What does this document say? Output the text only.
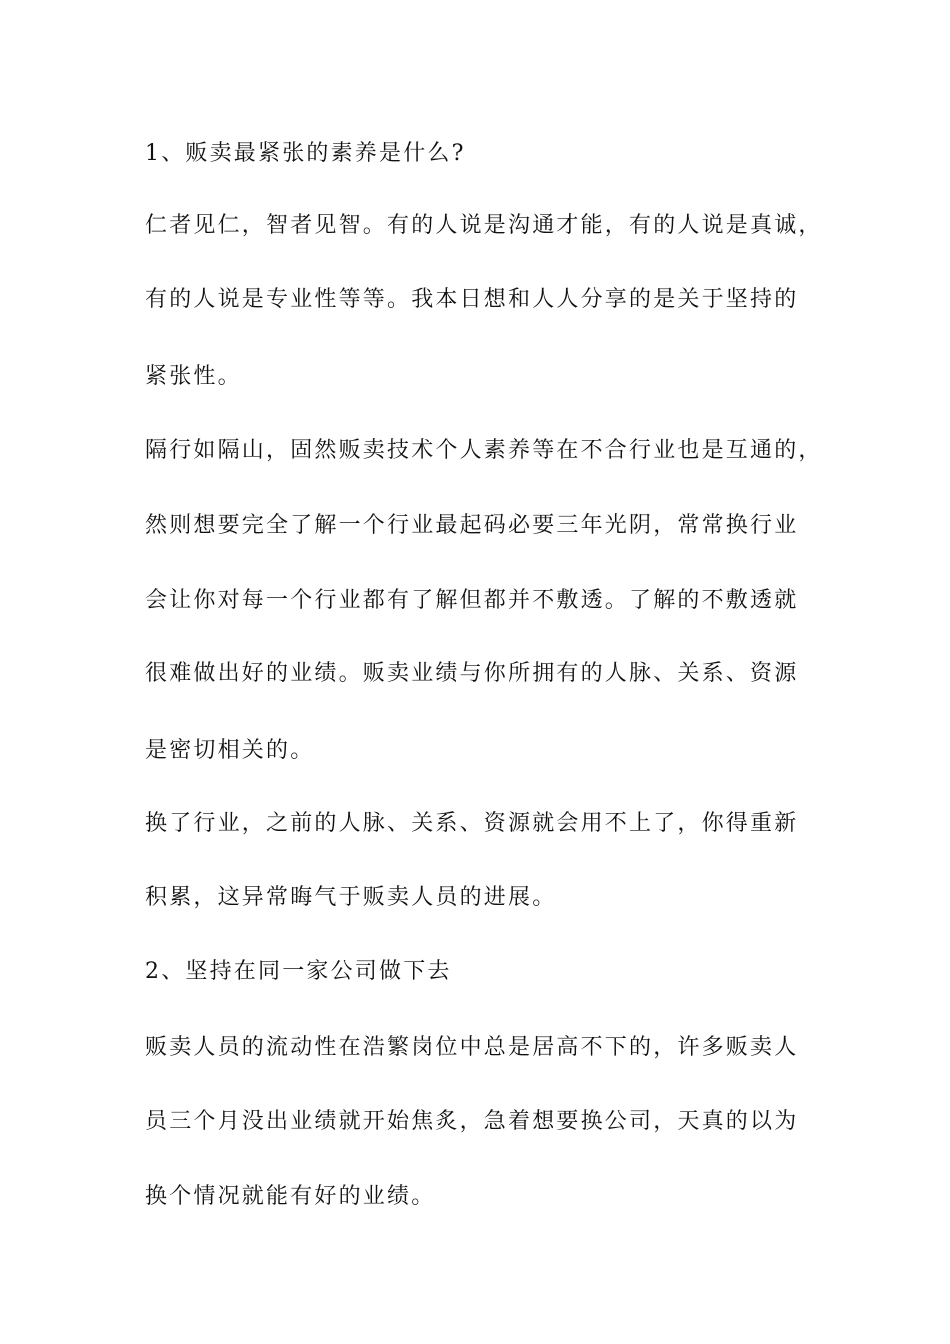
1、贩卖最紧张的素养是什么?
仁者见仁，智者见智。有的人说是沟通才能，有的人说是真诚，
有的人说是专业性等等。我本日想和人人分享的是关于坚持的
紧张性。
隔行如隔山，固然贩卖技术个人素养等在不合行业也是互通的，
然则想要完全了解一个行业最起码必要三年光阴，常常换行业
会让你对每一个行业都有了解但都并不敷透。了解的不敷透就
很难做出好的业绩。贩卖业绩与你所拥有的人脉、关系、资源
是密切相关的。
换了行业，之前的人脉、关系、资源就会用不上了，你得重新
积累，这异常晦气于贩卖人员的进展。
2、坚持在同一家公司做下去
贩卖人员的流动性在浩繁岗位中总是居高不下的，许多贩卖人
员三个月没出业绩就开始焦炙，急着想要换公司，天真的以为
换个情况就能有好的业绩。
